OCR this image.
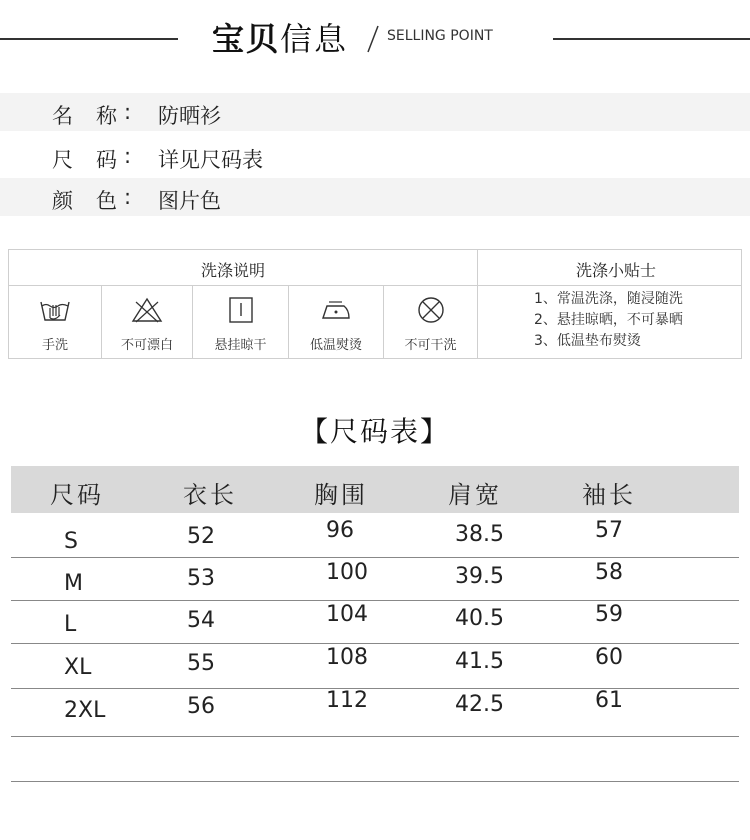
宝贝信息	SELLING POINT
名　称 : 防晒衫
尺　码 : 详见尺码表
颜　色 : 图片色
洗涤说明	洗涤小贴士
手洗	不可漂白	悬挂晾干	低温熨烫	不可干洗
1、常温洗涤，随浸随洗
2、悬挂晾晒，不可暴晒
3、低温垫布熨烫
【尺码表】
尺码	衣长	胸围	肩宽	袖长
S	52	96	38.5	57
M	53	100	39.5	58
L	54	104	40.5	59
XL	55	108	41.5	60
2XL	56	112	42.5	61
